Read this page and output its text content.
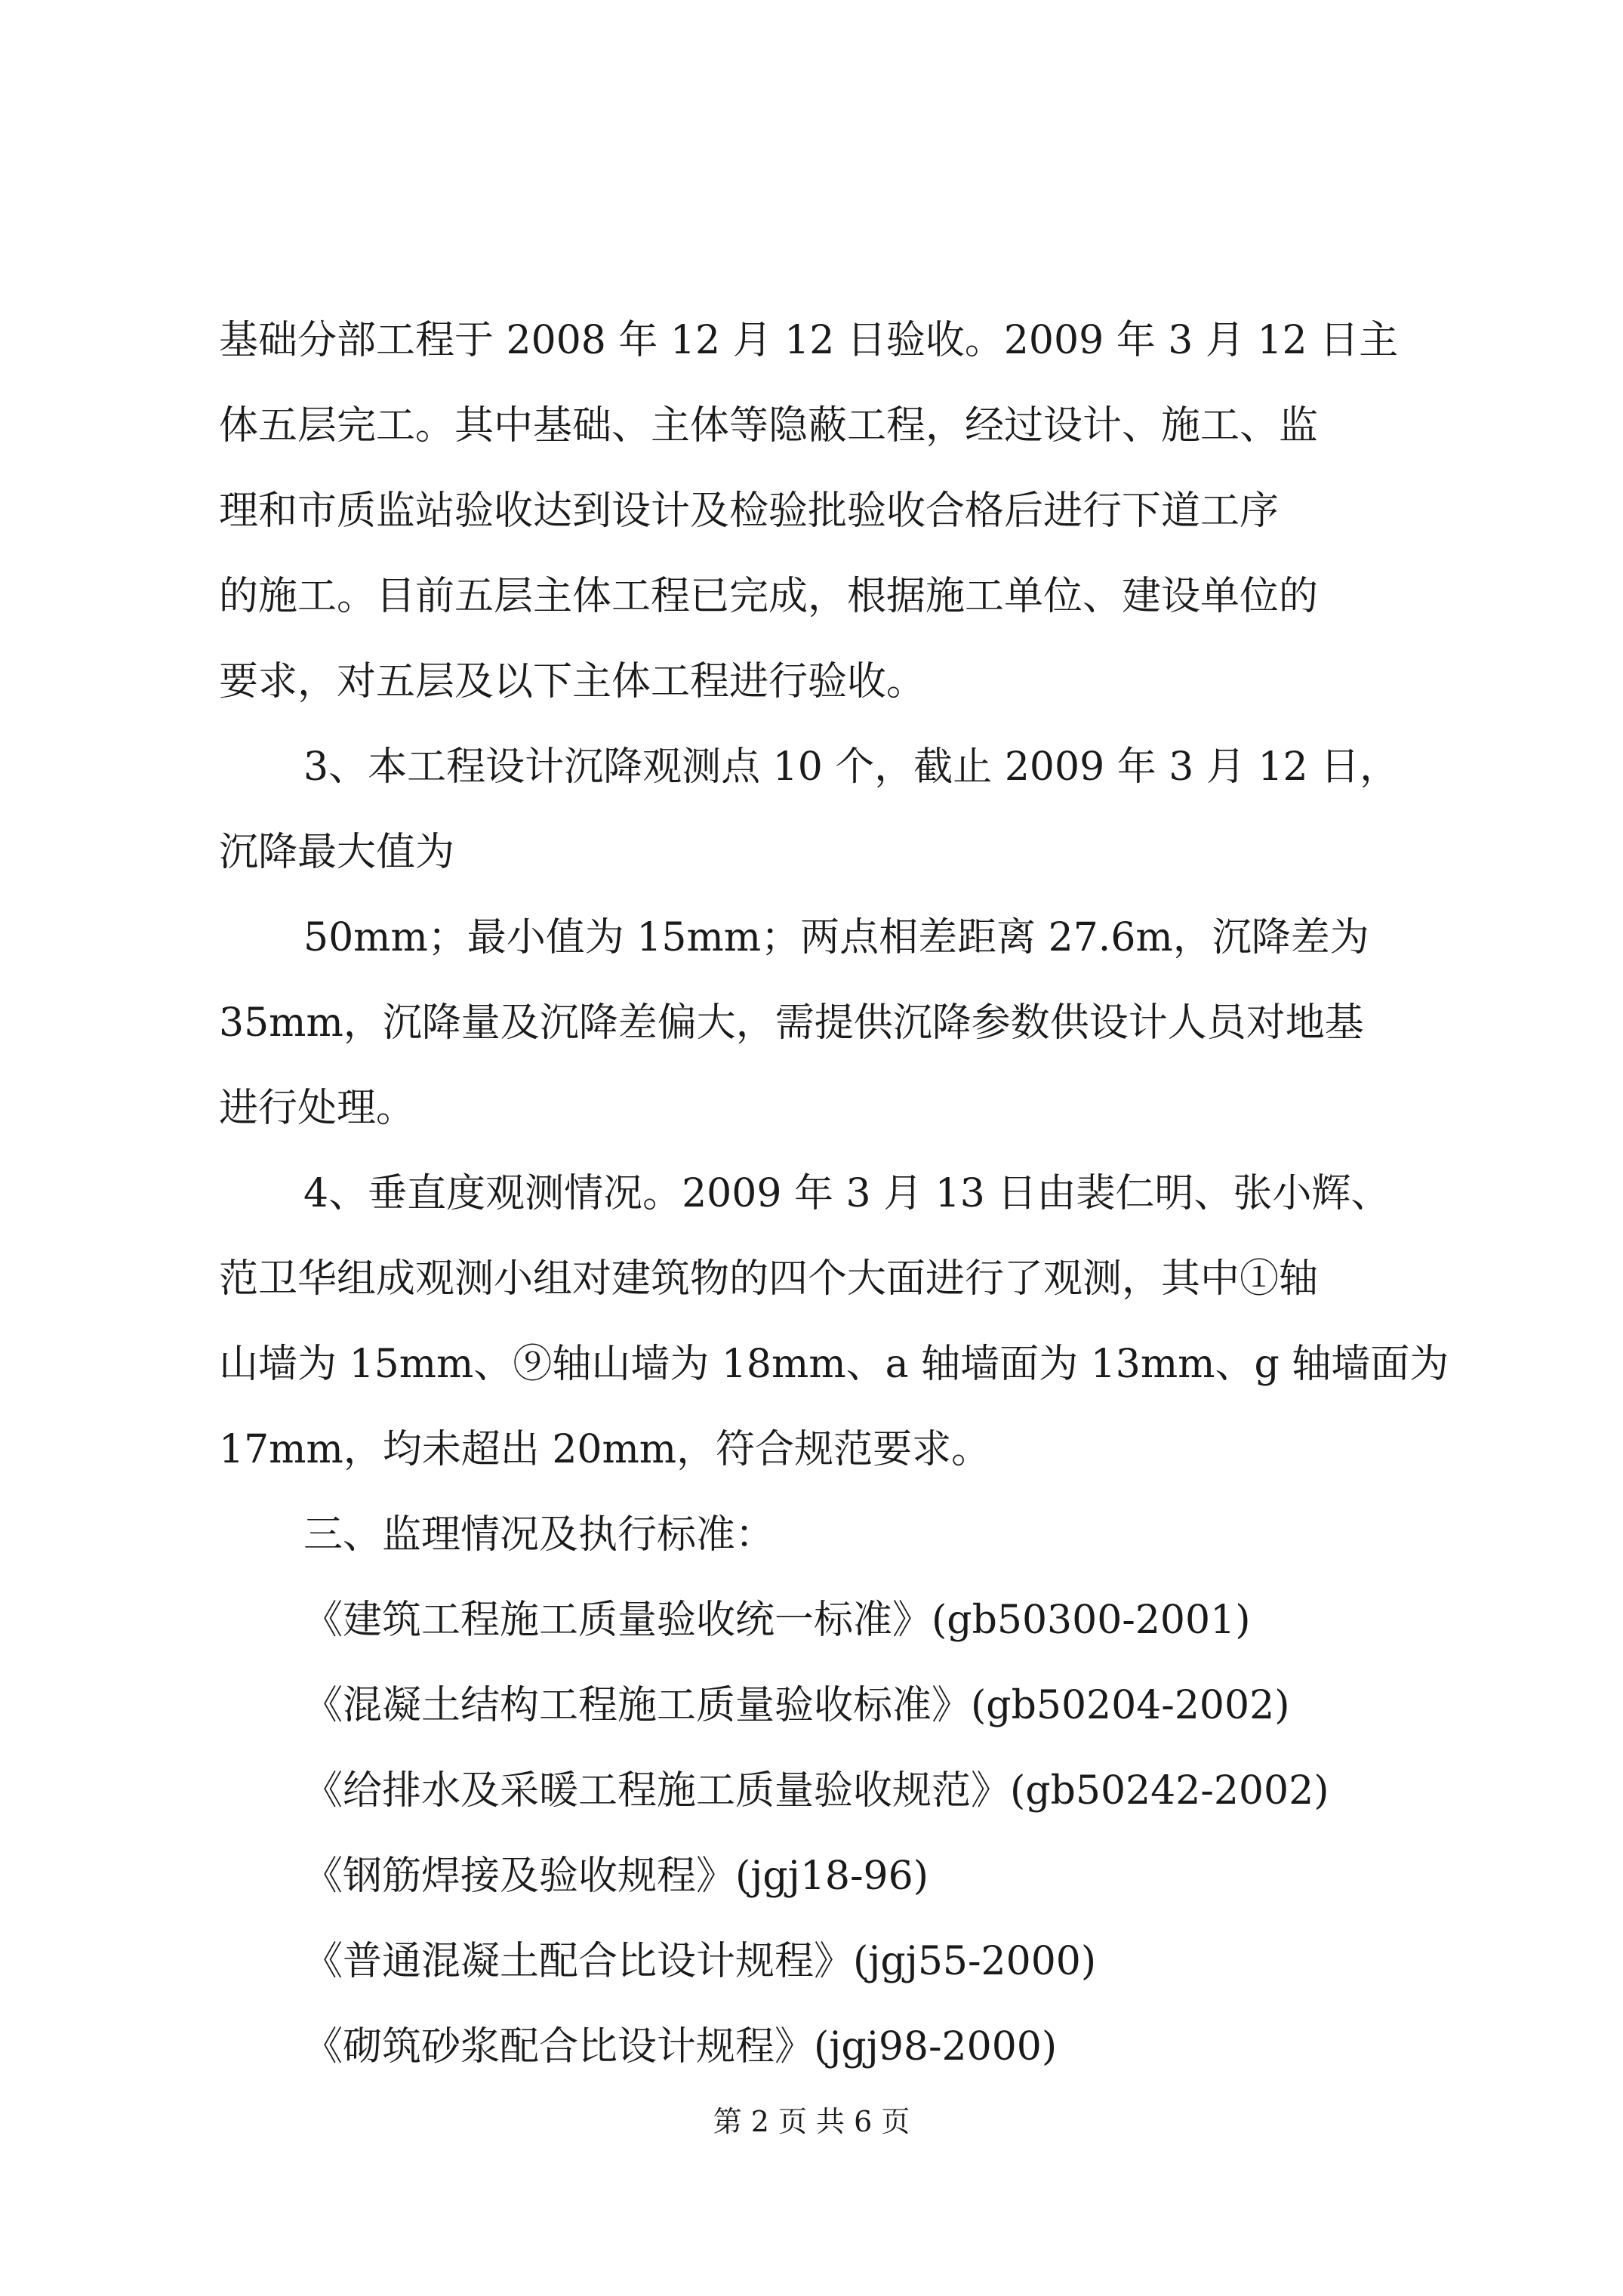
基础分部工程于 2008 年 12 月 12 日验收。2009 年 3 月 12 日主
体五层完工。其中基础、主体等隐蔽工程，经过设计、施工、监
理和市质监站验收达到设计及检验批验收合格后进行下道工序
的施工。目前五层主体工程已完成，根据施工单位、建设单位的
要求，对五层及以下主体工程进行验收。
3、本工程设计沉降观测点 10 个，截止 2009 年 3 月 12 日，
沉降最大值为
50mm；最小值为 15mm；两点相差距离 27.6m，沉降差为
35mm，沉降量及沉降差偏大，需提供沉降参数供设计人员对地基
进行处理。
4、垂直度观测情况。2009 年 3 月 13 日由裴仁明、张小辉、
范卫华组成观测小组对建筑物的四个大面进行了观测，其中①轴
山墙为 15mm、⑨轴山墙为 18mm、a 轴墙面为 13mm、g 轴墙面为
17mm，均未超出 20mm，符合规范要求。
三、监理情况及执行标准：
《建筑工程施工质量验收统一标准》(gb50300-2001)
《混凝土结构工程施工质量验收标准》(gb50204-2002)
《给排水及采暖工程施工质量验收规范》(gb50242-2002)
《钢筋焊接及验收规程》(jgj18-96)
《普通混凝土配合比设计规程》(jgj55-2000)
《砌筑砂浆配合比设计规程》(jgj98-2000)
第 2 页 共 6 页
